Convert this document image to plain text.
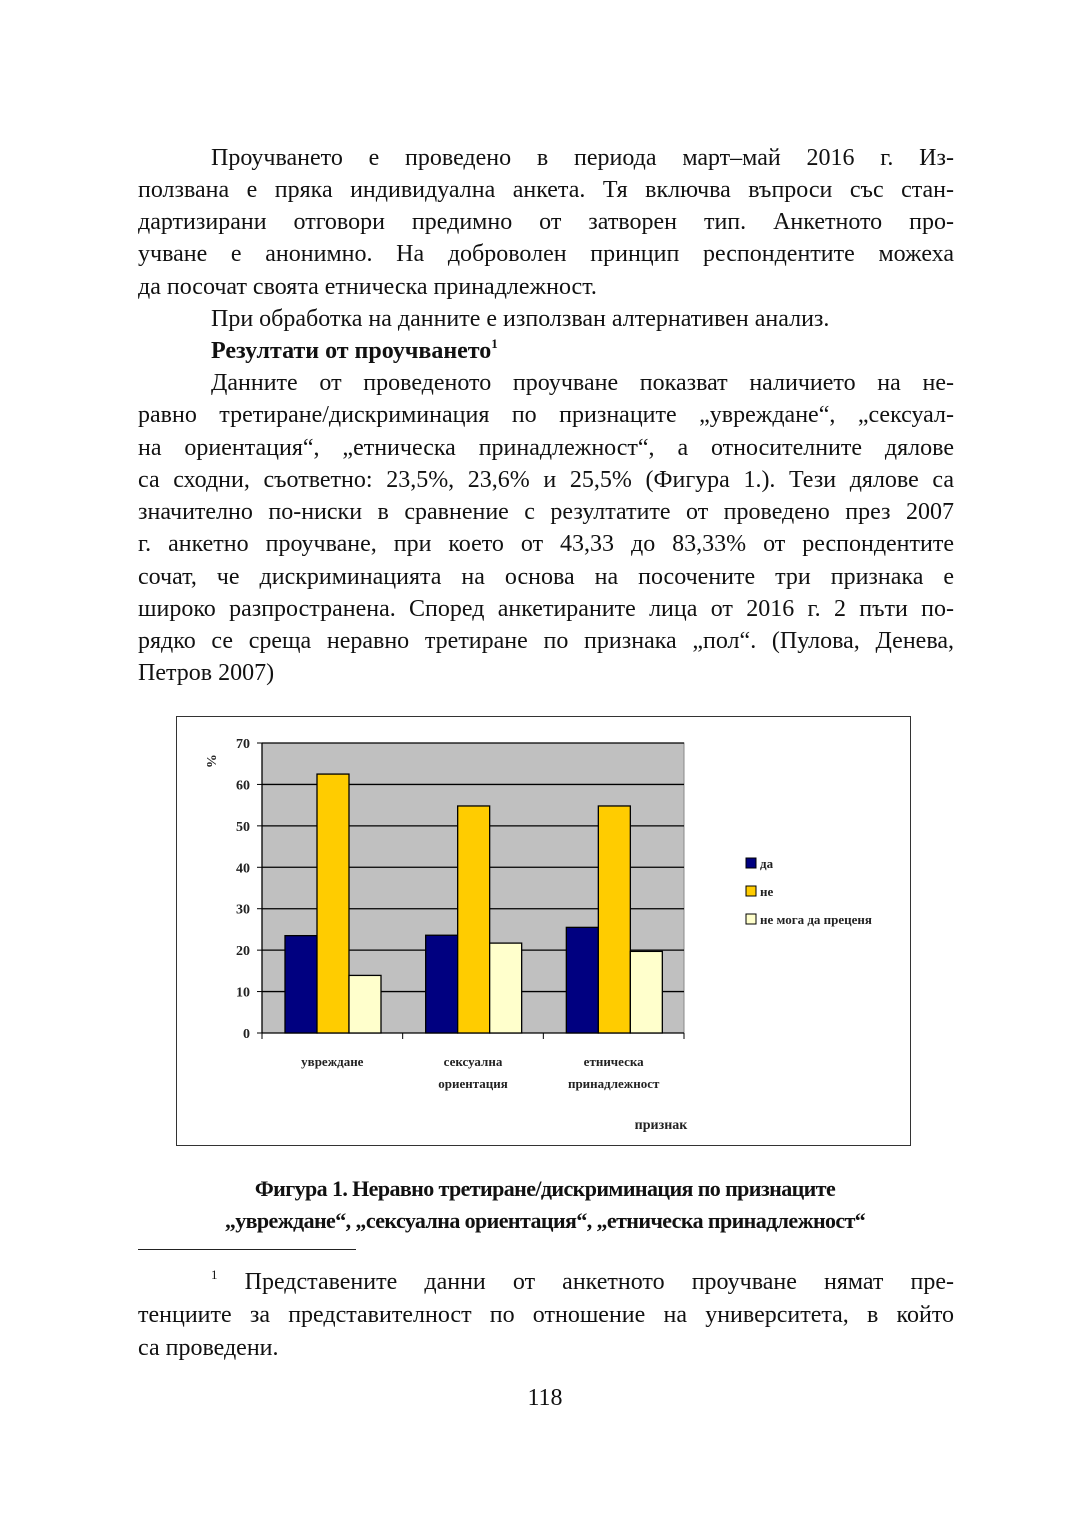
Проучването е проведено в периода март–май 2016 г. Из-
ползвана е пряка индивидуална анкета. Тя включва въпроси със стан-
дартизирани отговори предимно от затворен тип. Анкетното про-
учване е анонимно. На доброволен принцип респондентите можеха
да посочат своята етническа принадлежност.
При обработка на данните е използван алтернативен анализ.
Резултати от проучването$^1$
Данните от проведеното проучване показват наличието на не-
равно третиране/дискриминация по признаците „увреждане“, „сексуал-
на ориентация“, „етническа принадлежност“, а относителните дялове
са сходни, съответно: 23,5%, 23,6% и 25,5% (Фигура 1.). Тези дялове са
значително по-ниски в сравнение с резултатите от проведено през 2007
г. анкетно проучване, при което от 43,33 до 83,33% от респондентите
сочат, че дискриминацията на основа на посочените три признака е
широко разпространена. Според анкетираните лица от 2016 г. 2 пъти по-
рядко се среща неравно третиране по признака „пол“. (Пулова, Денева,
Петров 2007)
0
10
20
30
40
50
60
70
увреждане	сексуална
ориентация
етническа
принадлежност
%
признак
да
не
не мога да преценя
Фигура 1. Неравно третиране/дискриминация по признаците
„увреждане“, „сексуална ориентация“, „етническа принадлежност“
$^1$ Представените данни от анкетното проучване нямат пре-
тенциите за представителност по отношение на университета, в който
са проведени.
118
